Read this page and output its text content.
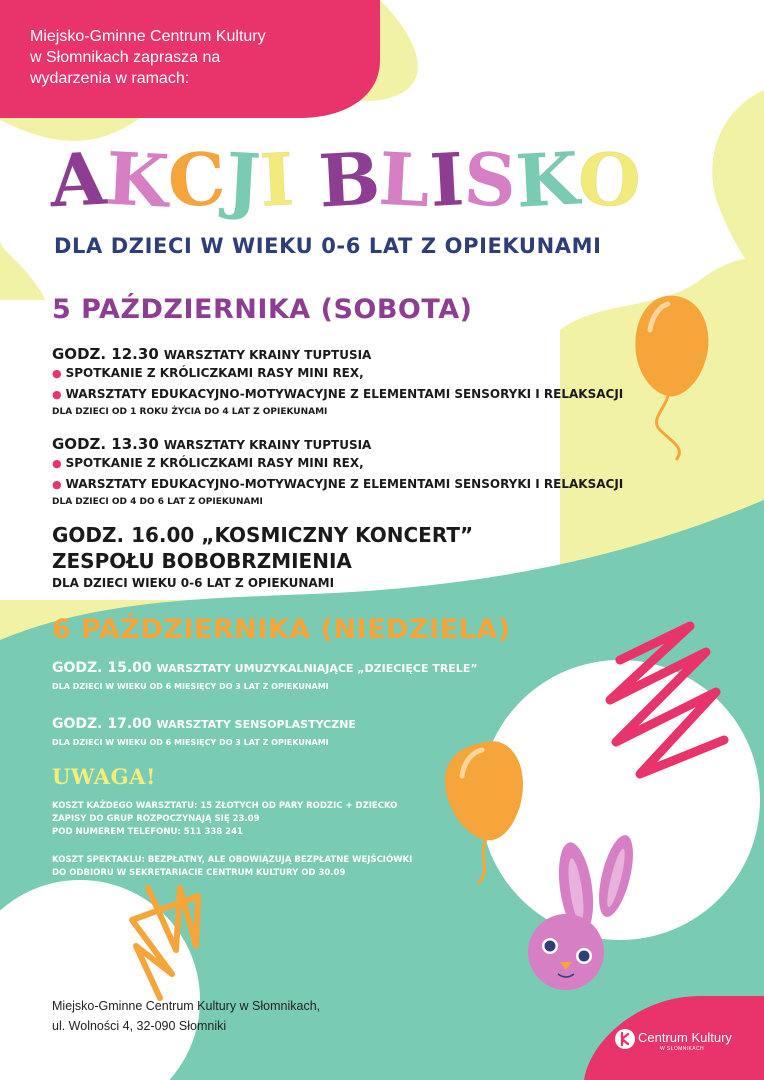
Miejsko-Gminne Centrum Kultury
w Słomnikach zaprasza na
wydarzenia w ramach:
AKCJI BLISKO
DLA DZIECI W WIEKU 0-6 LAT Z OPIEKUNAMI
5 PAŹDZIERNIKA (SOBOTA)
GODZ. 12.30 WARSZTATY KRAINY TUPTUSIA
● SPOTKANIE Z KRÓLICZKAMI RASY MINI REX,
● WARSZTATY EDUKACYJNO-MOTYWACYJNE Z ELEMENTAMI SENSORYKI I RELAKSACJI
DLA DZIECI OD 1 ROKU ŻYCIA DO 4 LAT Z OPIEKUNAMI
GODZ. 13.30 WARSZTATY KRAINY TUPTUSIA
● SPOTKANIE Z KRÓLICZKAMI RASY MINI REX,
● WARSZTATY EDUKACYJNO-MOTYWACYJNE Z ELEMENTAMI SENSORYKI I RELAKSACJI
DLA DZIECI OD 4 DO 6 LAT Z OPIEKUNAMI
GODZ. 16.00 „KOSMICZNY KONCERT”
ZESPOŁU BOBOBRZMIENIA
DLA DZIECI WIEKU 0-6 LAT Z OPIEKUNAMI
6 PAŹDZIERNIKA (NIEDZIELA)
GODZ. 15.00 WARSZTATY UMUZYKALNIAJĄCE „DZIECIĘCE TRELE”
DLA DZIECI W WIEKU OD 6 MIESIĘCY DO 3 LAT Z OPIEKUNAMI
GODZ. 17.00 WARSZTATY SENSOPLASTYCZNE
DLA DZIECI W WIEKU OD 6 MIESIĘCY DO 3 LAT Z OPIEKUNAMI
UWAGA!
KOSZT KAŻDEGO WARSZTATU: 15 ZŁOTYCH OD PARY RODZIC + DZIECKO
ZAPISY DO GRUP ROZPOCZYNAJĄ SIĘ 23.09
POD NUMEREM TELEFONU: 511 338 241
KOSZT SPEKTAKLU: BEZPŁATNY, ALE OBOWIĄZUJĄ BEZPŁATNE WEJŚCIÓWKI
DO ODBIORU W SEKRETARIACIE CENTRUM KULTURY OD 30.09
Miejsko-Gminne Centrum Kultury w Słomnikach,
ul. Wolności 4, 32-090 Słomniki
Centrum Kultury
W SŁOMNIKACH
